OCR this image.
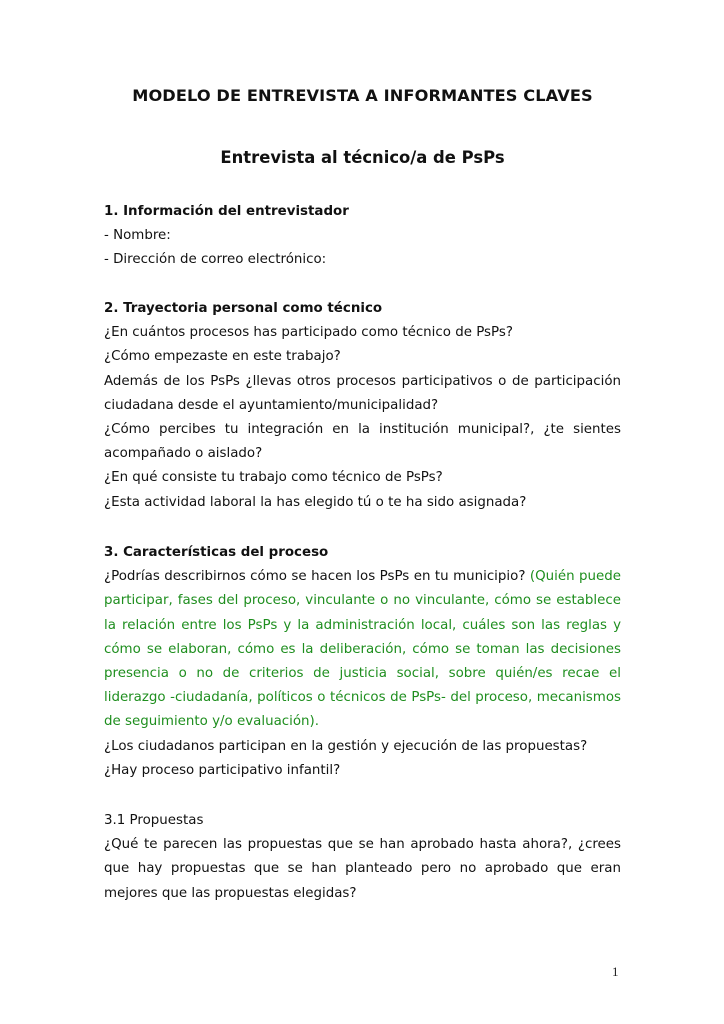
MODELO DE ENTREVISTA A INFORMANTES CLAVES
Entrevista al técnico/a de PsPs

1. Información del entrevistador

- Nombre:

- Dirección de correo electrónico:

2. Trayectoria personal como técnico

¿En cuántos procesos has participado como técnico de PsPs?

¿Cómo empezaste en este trabajo?

Además de los PsPs ¿llevas otros procesos participativos o de participación ciudadana desde el ayuntamiento/municipalidad?

¿Cómo percibes tu integración en la institución municipal?, ¿te sientes acompañado o aislado?

¿En qué consiste tu trabajo como técnico de PsPs?

¿Esta actividad laboral la has elegido tú o te ha sido asignada?

3. Características del proceso

¿Podrías describirnos cómo se hacen los PsPs en tu municipio? (Quién puede participar, fases del proceso, vinculante o no vinculante, cómo se establece la relación entre los PsPs y la administración local, cuáles son las reglas y cómo se elaboran, cómo es la deliberación, cómo se toman las decisiones presencia o no de criterios de justicia social, sobre quién/es recae el liderazgo -ciudadanía, políticos o técnicos de PsPs- del proceso, mecanismos de seguimiento y/o evaluación).

¿Los ciudadanos participan en la gestión y ejecución de las propuestas?

¿Hay proceso participativo infantil?

3.1 Propuestas

¿Qué te parecen las propuestas que se han aprobado hasta ahora?, ¿crees que hay propuestas que se han planteado pero no aprobado que eran mejores que las propuestas elegidas?

1
